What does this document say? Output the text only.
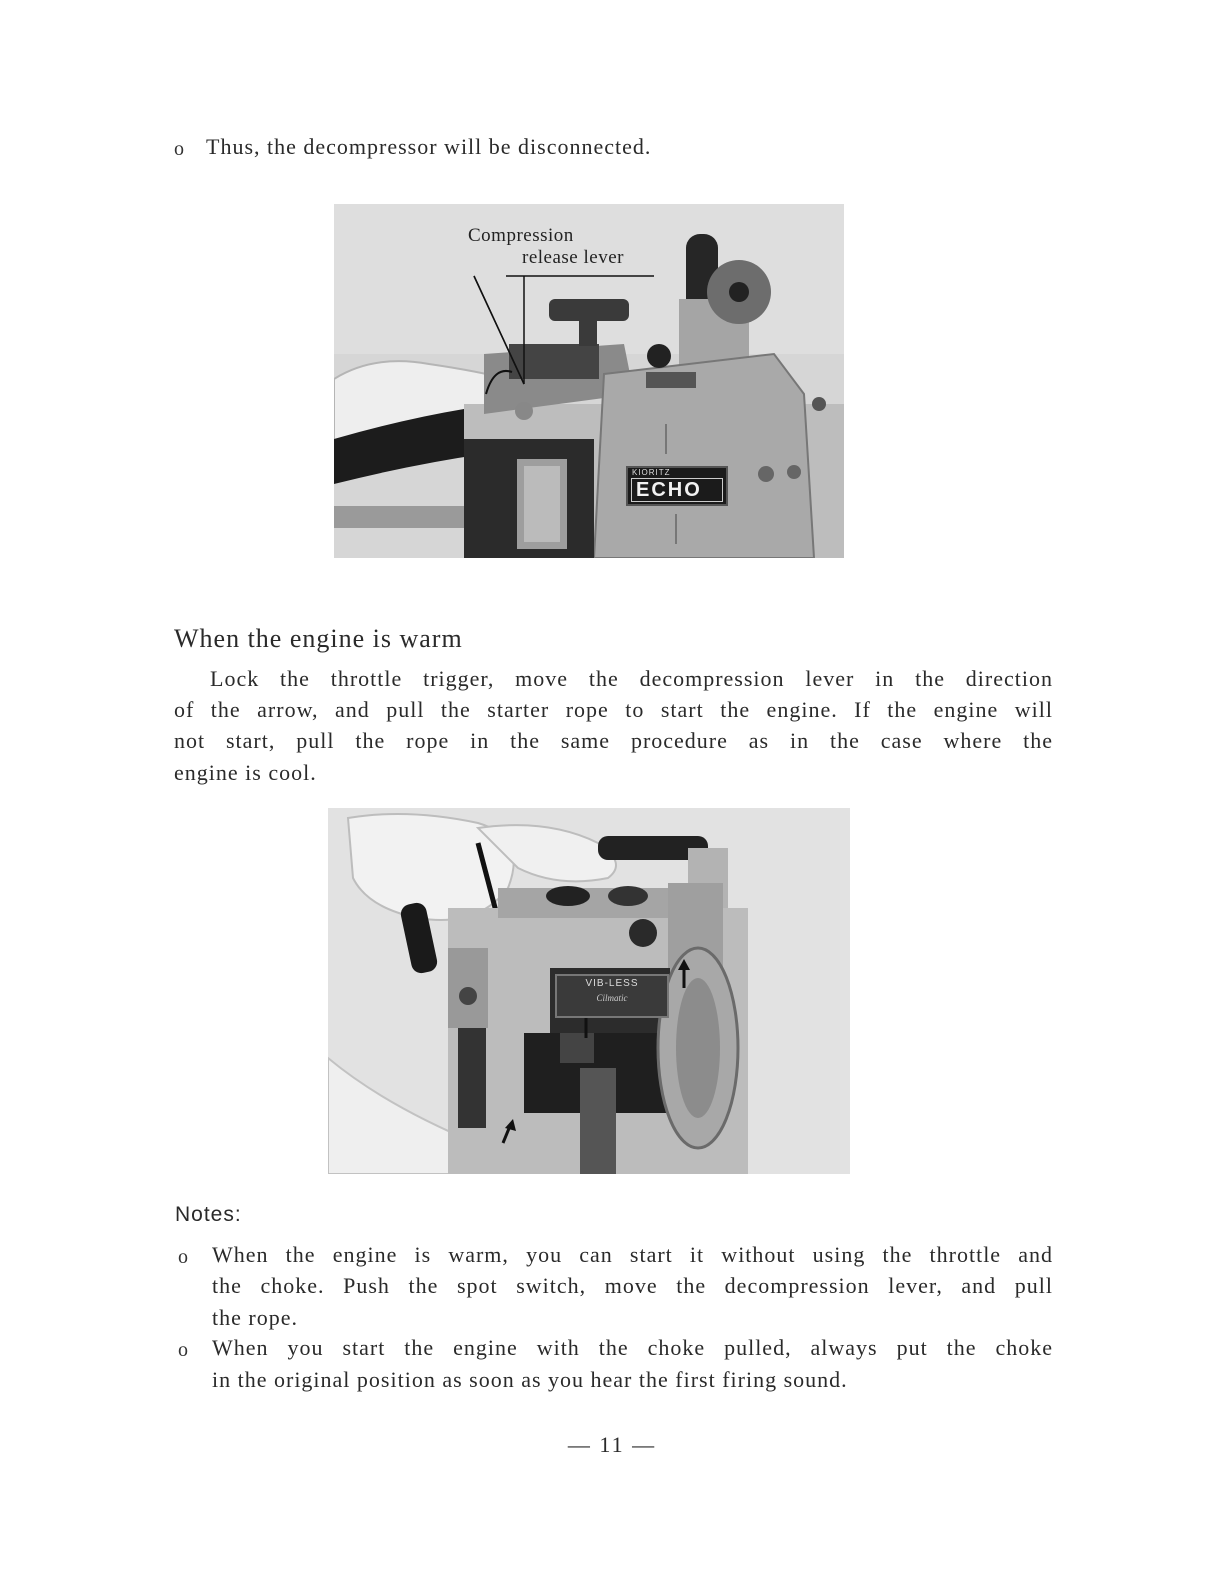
o Thus, the decompressor will be disconnected.

Compression
release lever
KIORITZ
ECHO
When the engine is warm

Lock the throttle trigger, move the decompression lever in the direction

of the arrow, and pull the starter rope to start the engine. If the engine will

not start, pull the rope in the same procedure as in the case where the

engine is cool.

VIB-LESS
Cilmatic
Notes:
o When the engine is warm, you can start it without using the throttle and

the choke. Push the spot switch, move the decompression lever, and pull

the rope.

o When you start the engine with the choke pulled, always put the choke

in the original position as soon as you hear the first firing sound.

— 11 —
